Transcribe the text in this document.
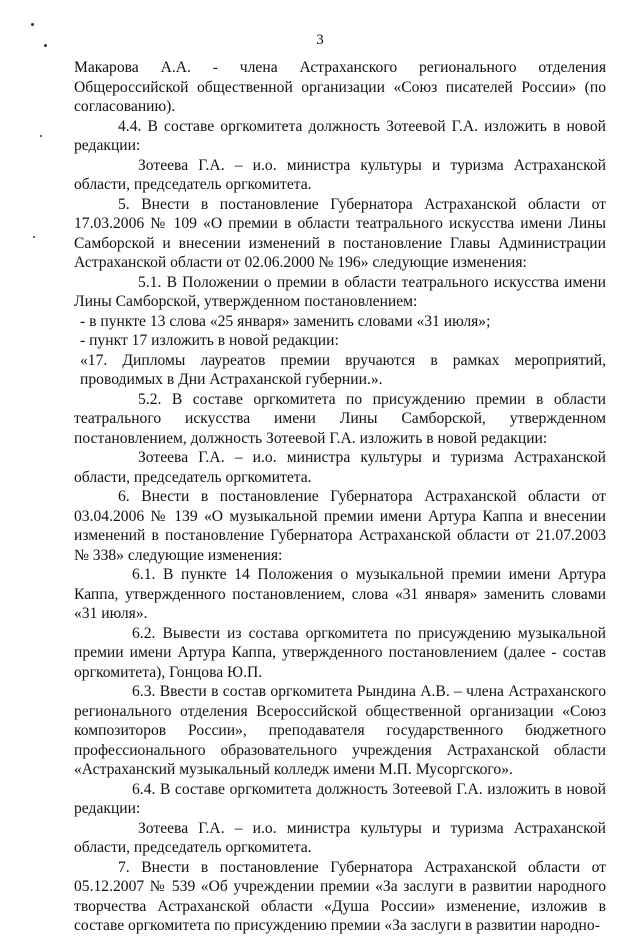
3

Макарова А.А. - члена Астраханского регионального отделения Общероссийской общественной организации «Союз писателей России» (по согласованию).

4.4. В составе оргкомитета должность Зотеевой Г.А. изложить в новой редакции:

Зотеева Г.А. – и.о. министра культуры и туризма Астраханской области, председатель оргкомитета.

5. Внести в постановление Губернатора Астраханской области от 17.03.2006 № 109 «О премии в области театрального искусства имени Лины Самборской и внесении изменений в постановление Главы Администрации Астраханской области от 02.06.2000 № 196» следующие изменения:

5.1. В Положении о премии в области театрального искусства имени Лины Самборской, утвержденном постановлением:

- в пункте 13 слова «25 января» заменить словами «31 июля»;

- пункт 17 изложить в новой редакции:

«17. Дипломы лауреатов премии вручаются в рамках мероприятий, проводимых в Дни Астраханской губернии.».

5.2. В составе оргкомитета по присуждению премии в области театрального искусства имени Лины Самборской, утвержденном постановлением, должность Зотеевой Г.А. изложить в новой редакции:

Зотеева Г.А. – и.о. министра культуры и туризма Астраханской области, председатель оргкомитета.

6. Внести в постановление Губернатора Астраханской области от 03.04.2006 № 139 «О музыкальной премии имени Артура Каппа и внесении изменений в постановление Губернатора Астраханской области от 21.07.2003 № 338» следующие изменения:

6.1. В пункте 14 Положения о музыкальной премии имени Артура Каппа, утвержденного постановлением, слова «31 января» заменить словами «31 июля».

6.2. Вывести из состава оргкомитета по присуждению музыкальной премии имени Артура Каппа, утвержденного постановлением (далее - состав оргкомитета), Гонцова Ю.П.

6.3. Ввести в состав оргкомитета Рындина А.В. – члена Астраханского регионального отделения Всероссийской общественной организации «Союз композиторов России», преподавателя государственного бюджетного профессионального образовательного учреждения Астраханской области «Астраханский музыкальный колледж имени М.П. Мусоргского».

6.4. В составе оргкомитета должность Зотеевой Г.А. изложить в новой редакции:

Зотеева Г.А. – и.о. министра культуры и туризма Астраханской области, председатель оргкомитета.

7. Внести в постановление Губернатора Астраханской области от 05.12.2007 № 539 «Об учреждении премии «За заслуги в развитии народного творчества Астраханской области «Душа России» изменение, изложив в составе оргкомитета по присуждению премии «За заслуги в развитии народно-
